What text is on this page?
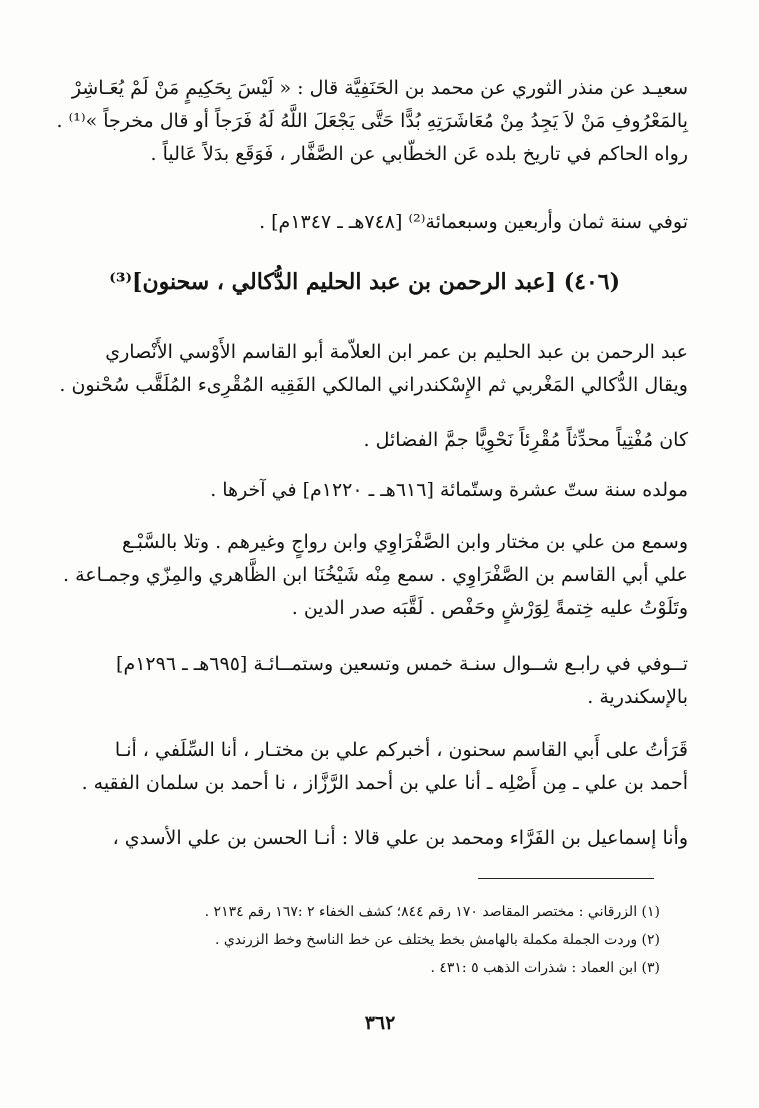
سعيـد عن منذر الثوري عن محمد بن الحَنَفِيَّة قال : « لَيْسَ بِحَكِيمٍ مَنْ لَمْ يُعَـاشِرْ
بِالمَعْرُوفِ مَنْ لاَ يَجِدُ مِنْ مُعَاشَرَتِهِ بُدًّا حَتَّى يَجْعَلَ اللَّهُ لَهُ فَرَجاً أو قال مخرجاً »⁽¹⁾ .
رواه الحاكم في تاريخ بلده عَن الخطّابي عن الصَّفَّار ، فَوَقَع بدَلاً عَالياً .
توفي سنة ثمان وأربعين وسبعمائة⁽²⁾ [٧٤٨هـ ـ ١٣٤٧م] .
(٤٠٦) [عبد الرحمن بن عبد الحليم الدُّكالي ، سحنون]⁽³⁾
عبد الرحمن بن عبد الحليم بن عمر ابن العلاّمة أبو القاسم الأَوْسي الأَنْصاري
ويقال الدُّكالي المَغْربي ثم الإِسْكندراني المالكي الفَقِيه المُقْرِىء المُلَقَّب سُحْنون .
كان مُفْتِياً محدِّثاً مُقْرِئاً نَحْوِيًّا جمَّ الفضائل .
مولده سنة ستّ عشرة وستّمائة [٦١٦هـ ـ ١٢٢٠م] في آخرها .
وسمع من علي بن مختار وابن الصَّفْرَاوِي وابن رواجٍ وغيرهم . وتلا بالسَّبْـع
علي أبي القاسم بن الصَّفْرَاوِي . سمع مِنْه شَيْخُنَا ابن الظَّاهري والمِزّي وجمـاعة .
وتَلَوْتُ عليه خِتمةً لِوَرْشٍ وحَفْص . لَقَّبَه صدر الدين .
تــوفي في رابـع شــوال سنـة خمس وتسعين وستمــائـة [٦٩٥هـ ـ ١٢٩٦م]
بالإسكندرية .
قَرَأتُ على أَبي القاسم سحنون ، أخبركم علي بن مختـار ، أنا السِّلَفي ، أنـا
أحمد بن علي ـ مِن أَصْلِه ـ أنا علي بن أحمد الرَّزَّاز ، نا أحمد بن سلمان الفقيه .
وأنا إسماعيل بن الفَرَّاء ومحمد بن علي قالا : أنـا الحسن بن علي الأسدي ،
(١) الزرقاني : مختصر المقاصد ١٧٠ رقم ٨٤٤؛ كشف الخفاء ٢ :١٦٧ رقم ٢١٣٤ .
(٢) وردت الجملة مكملة بالهامش بخط يختلف عن خط الناسخ وخط الزرندي .
(٣) ابن العماد : شذرات الذهب ٥ :٤٣١ .
٣٦٢
